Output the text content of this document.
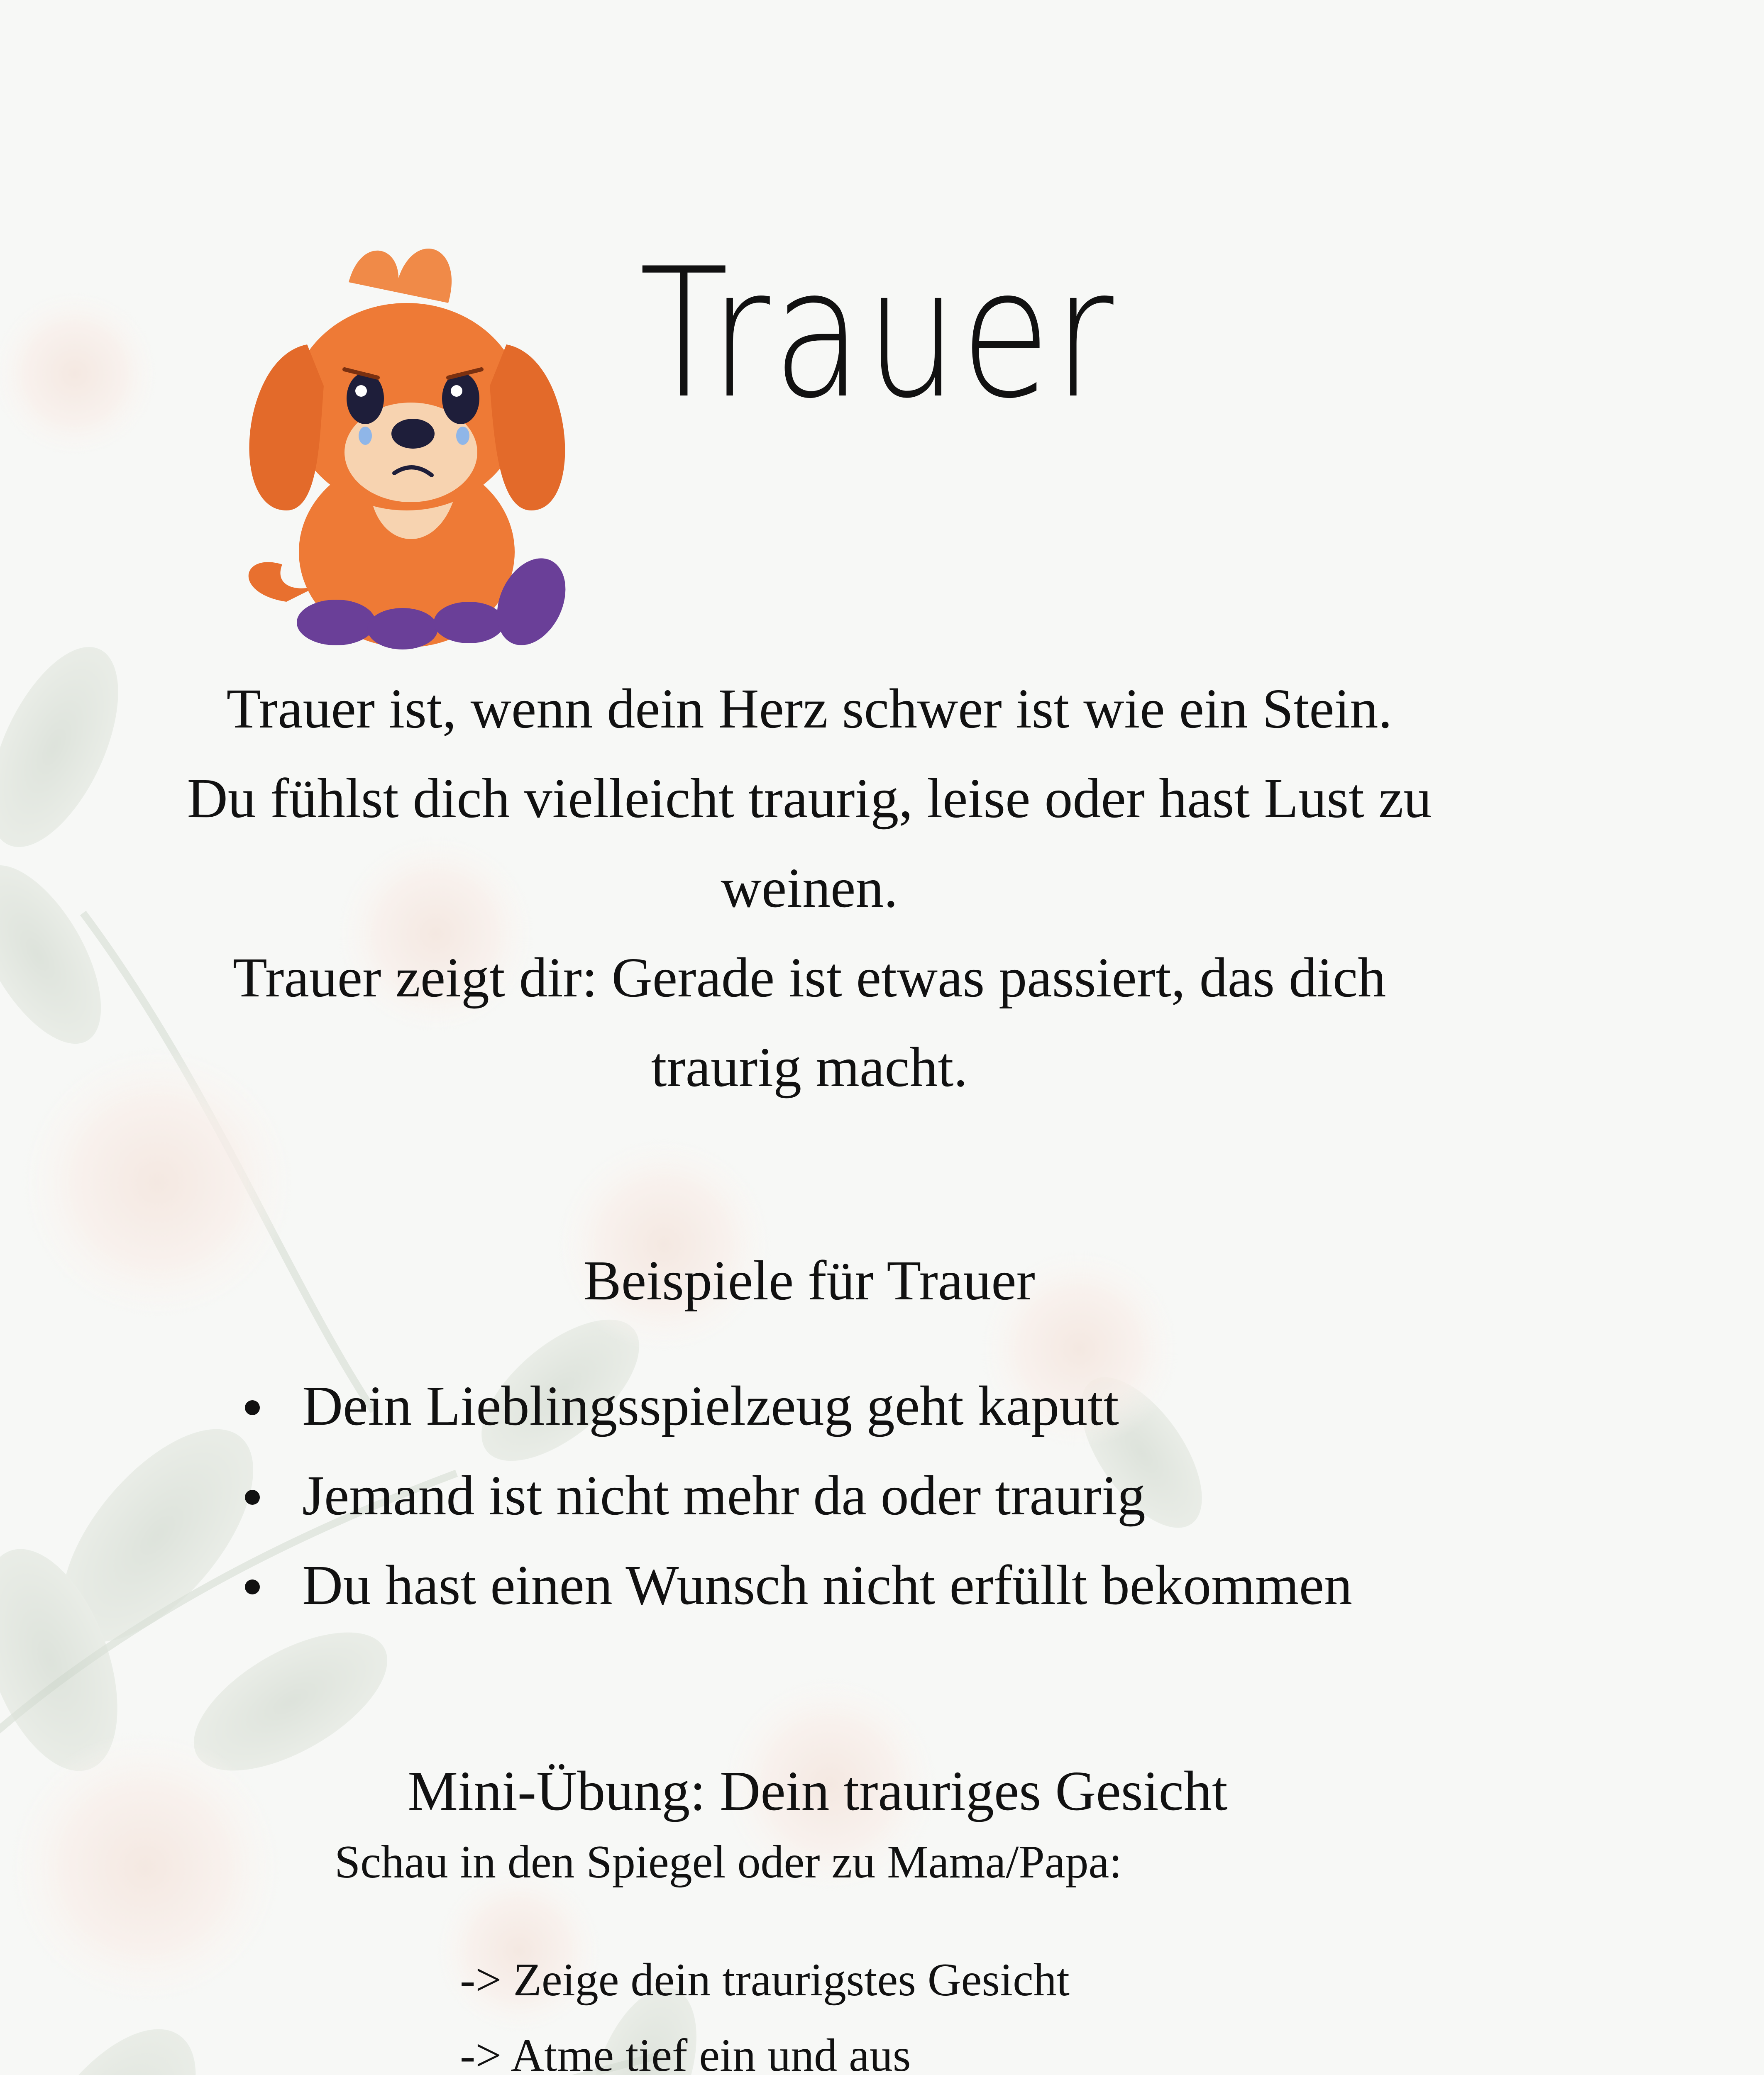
Trauer

Trauer ist, wenn dein Herz schwer ist wie ein Stein.

Du fühlst dich vielleicht traurig, leise oder hast Lust zu weinen.

Trauer zeigt dir: Gerade ist etwas passiert, das dich traurig macht.

Beispiele für Trauer
Dein Lieblingsspielzeug geht kaputt
Jemand ist nicht mehr da oder traurig
Du hast einen Wunsch nicht erfüllt bekommen
Mini-Übung: Dein trauriges Gesicht
Schau in den Spiegel oder zu Mama/Papa:

-> Zeige dein traurigstes Gesicht

-> Atme tief ein und aus
